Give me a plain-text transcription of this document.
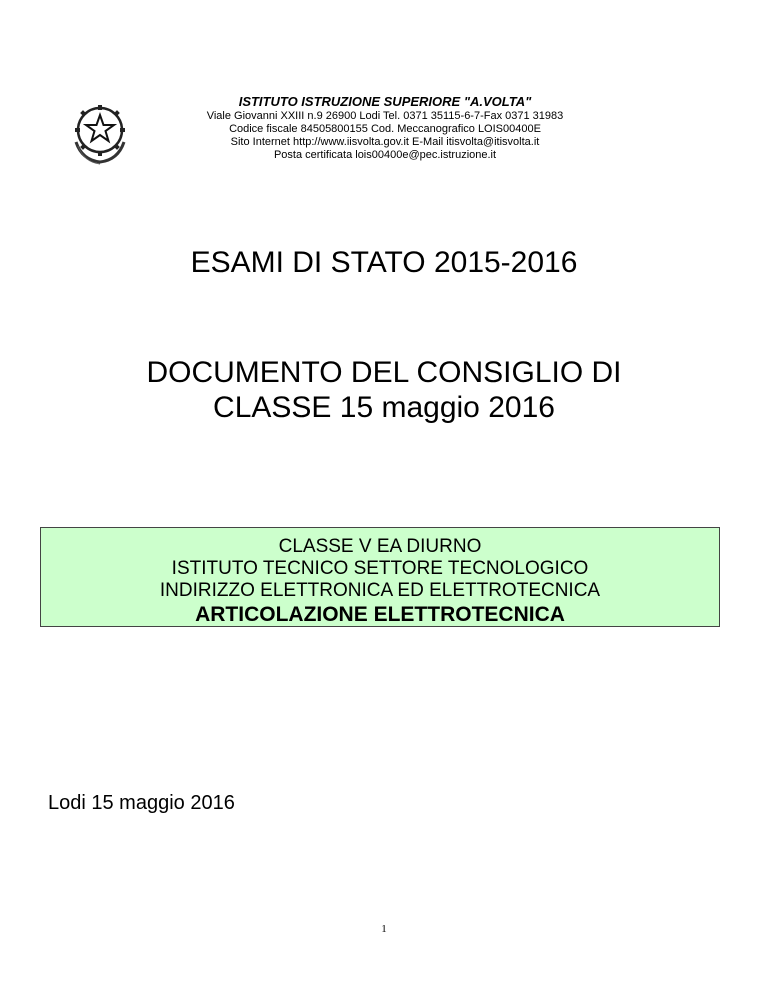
ISTITUTO ISTRUZIONE SUPERIORE "A.VOLTA"
Viale Giovanni XXIII n.9 26900 Lodi Tel. 0371 35115-6-7-Fax 0371 31983
Codice fiscale 84505800155 Cod. Meccanografico LOIS00400E
Sito Internet http://www.iisvolta.gov.it E-Mail itisvolta@itisvolta.it
Posta certificata lois00400e@pec.istruzione.it
ESAMI DI STATO 2015-2016
DOCUMENTO DEL CONSIGLIO DI
CLASSE 15 maggio 2016
CLASSE V EA DIURNO
ISTITUTO TECNICO SETTORE TECNOLOGICO
INDIRIZZO ELETTRONICA ED ELETTROTECNICA
ARTICOLAZIONE ELETTROTECNICA
Lodi 15 maggio 2016
1
